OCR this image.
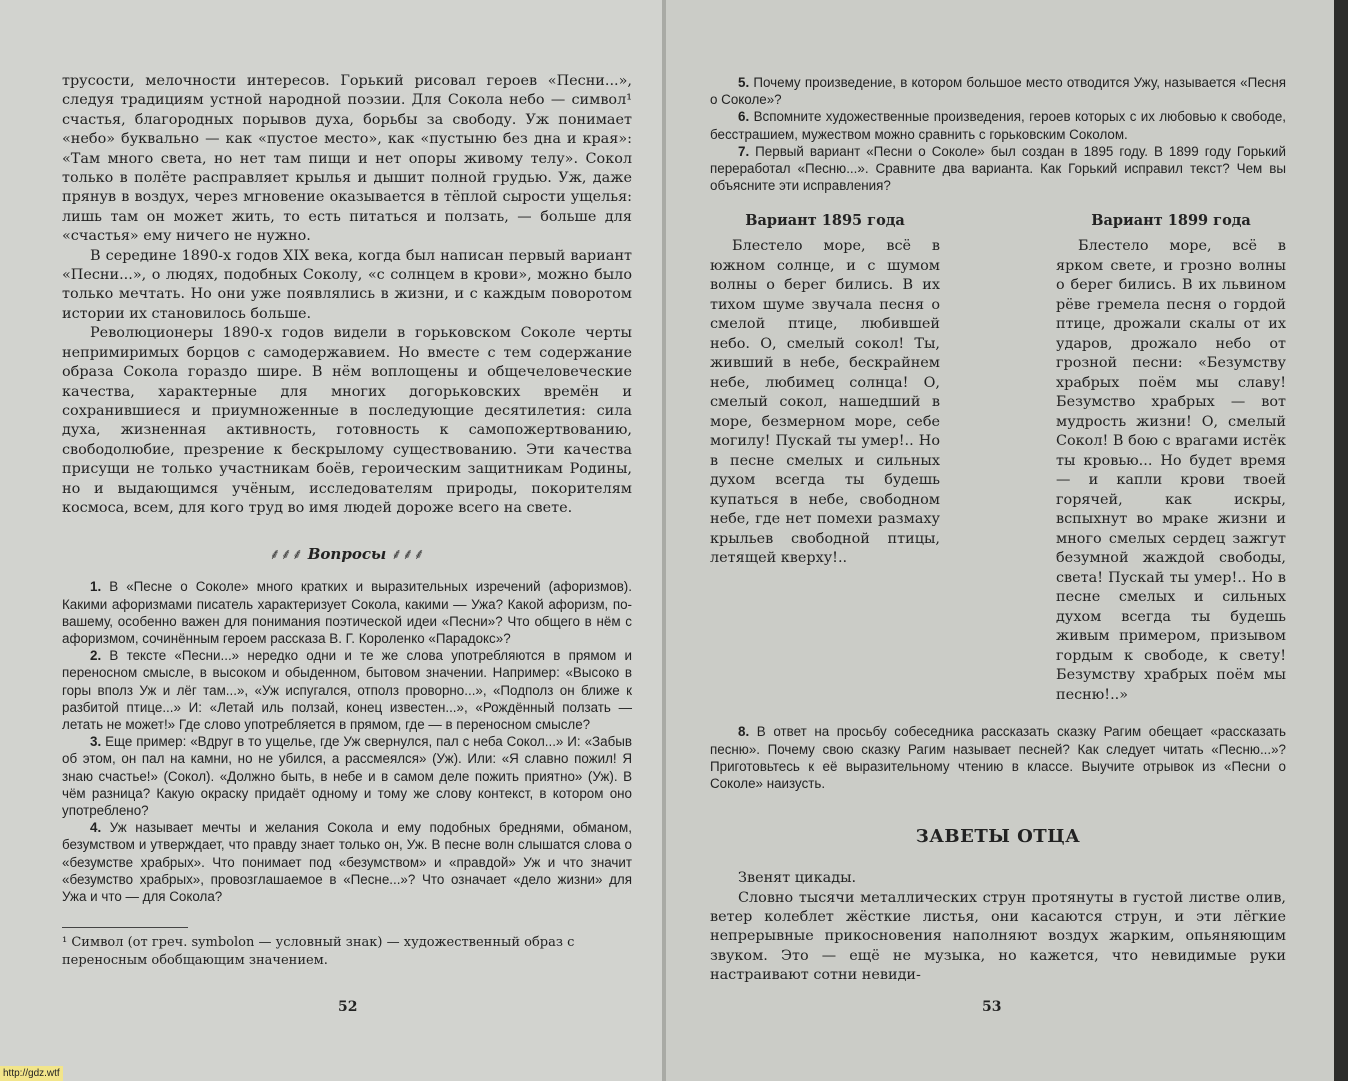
трусости, мелочности интересов. Горький рисовал героев «Песни...», следуя традициям устной народной поэзии. Для Сокола небо — символ¹ счастья, благородных порывов духа, борьбы за свободу. Уж понимает «небо» буквально — как «пустое место», как «пустыню без дна и края»: «Там много света, но нет там пищи и нет опоры живому телу». Сокол только в полёте расправляет крылья и дышит полной грудью. Уж, даже прянув в воздух, через мгновение оказывается в тёплой сырости ущелья: лишь там он может жить, то есть питаться и ползать, — больше для «счастья» ему ничего не нужно.

В середине 1890-х годов XIX века, когда был написан первый вариант «Песни...», о людях, подобных Соколу, «с солнцем в крови», можно было только мечтать. Но они уже появлялись в жизни, и с каждым поворотом истории их становилось больше.

Революционеры 1890-х годов видели в горьковском Соколе черты непримиримых борцов с самодержавием. Но вместе с тем содержание образа Сокола гораздо шире. В нём воплощены и общечеловеческие качества, характерные для многих догорьковских времён и сохранившиеся и приумноженные в последующие десятилетия: сила духа, жизненная активность, готовность к самопожертвованию, свободолюбие, презрение к бескрылому существованию. Эти качества присущи не только участникам боёв, героическим защитникам Родины, но и выдающимся учёным, исследователям природы, покорителям космоса, всем, для кого труд во имя людей дороже всего на свете.

⸙⸙⸙ Вопросы ⸙⸙⸙

1. В «Песне о Соколе» много кратких и выразительных изречений (афоризмов). Какими афоризмами писатель характеризует Сокола, какими — Ужа? Какой афоризм, по-вашему, особенно важен для понимания поэтической идеи «Песни»? Что общего в нём с афоризмом, сочинённым героем рассказа В. Г. Короленко «Парадокс»?

2. В тексте «Песни...» нередко одни и те же слова употребляются в прямом и переносном смысле, в высоком и обыденном, бытовом значении. Например: «Высоко в горы вполз Уж и лёг там...», «Уж испугался, отполз проворно...», «Подполз он ближе к разбитой птице...» И: «Летай иль ползай, конец известен...», «Рождённый ползать — летать не может!» Где слово употребляется в прямом, где — в переносном смысле?

3. Еще пример: «Вдруг в то ущелье, где Уж свернулся, пал с неба Сокол...» И: «Забыв об этом, он пал на камни, но не убился, а рассмеялся» (Уж). Или: «Я славно пожил! Я знаю счастье!» (Сокол). «Должно быть, в небе и в самом деле пожить приятно» (Уж). В чём разница? Какую окраску придаёт одному и тому же слову контекст, в котором оно употреблено?

4. Уж называет мечты и желания Сокола и ему подобных бреднями, обманом, безумством и утверждает, что правду знает только он, Уж. В песне волн слышатся слова о «безумстве храбрых». Что понимает под «безумством» и «правдой» Уж и что значит «безумство храбрых», провозглашаемое в «Песне...»? Что означает «дело жизни» для Ужа и что — для Сокола?

¹ Символ (от греч. symbolon — условный знак) — художественный образ с переносным обобщающим значением.

52

5. Почему произведение, в котором большое место отводится Ужу, называется «Песня о Соколе»?

6. Вспомните художественные произведения, героев которых с их любовью к свободе, бесстрашием, мужеством можно сравнить с горьковским Соколом.

7. Первый вариант «Песни о Соколе» был создан в 1895 году. В 1899 году Горький переработал «Песню...». Сравните два варианта. Как Горький исправил текст? Чем вы объясните эти исправления?

Вариант 1895 года

Блестело море, всё в южном солнце, и с шумом волны о берег бились. В их тихом шуме звучала песня о смелой птице, любившей небо. О, смелый сокол! Ты, живший в небе, бескрайнем небе, любимец солнца! О, смелый сокол, нашедший в море, безмерном море, себе могилу! Пускай ты умер!.. Но в песне смелых и сильных духом всегда ты будешь купаться в небе, свободном небе, где нет помехи размаху крыльев свободной птицы, летящей кверху!..

Вариант 1899 года

Блестело море, всё в ярком свете, и грозно волны о берег бились. В их львином рёве гремела песня о гордой птице, дрожали скалы от их ударов, дрожало небо от грозной песни: «Безумству храбрых поём мы славу! Безумство храбрых — вот мудрость жизни! О, смелый Сокол! В бою с врагами истёк ты кровью... Но будет время — и капли крови твоей горячей, как искры, вспыхнут во мраке жизни и много смелых сердец зажгут безумной жаждой свободы, света! Пускай ты умер!.. Но в песне смелых и сильных духом всегда ты будешь живым примером, призывом гордым к свободе, к свету! Безумству храбрых поём мы песню!..»

8. В ответ на просьбу собеседника рассказать сказку Рагим обещает «рассказать песню». Почему свою сказку Рагим называет песней? Как следует читать «Песню...»? Приготовьтесь к её выразительному чтению в классе. Выучите отрывок из «Песни о Соколе» наизусть.

ЗАВЕТЫ ОТЦА

Звенят цикады.

Словно тысячи металлических струн протянуты в густой листве олив, ветер колеблет жёсткие листья, они касаются струн, и эти лёгкие непрерывные прикосновения наполняют воздух жарким, опьяняющим звуком. Это — ещё не музыка, но кажется, что невидимые руки настраивают сотни невиди-

53
http://gdz.wtf
